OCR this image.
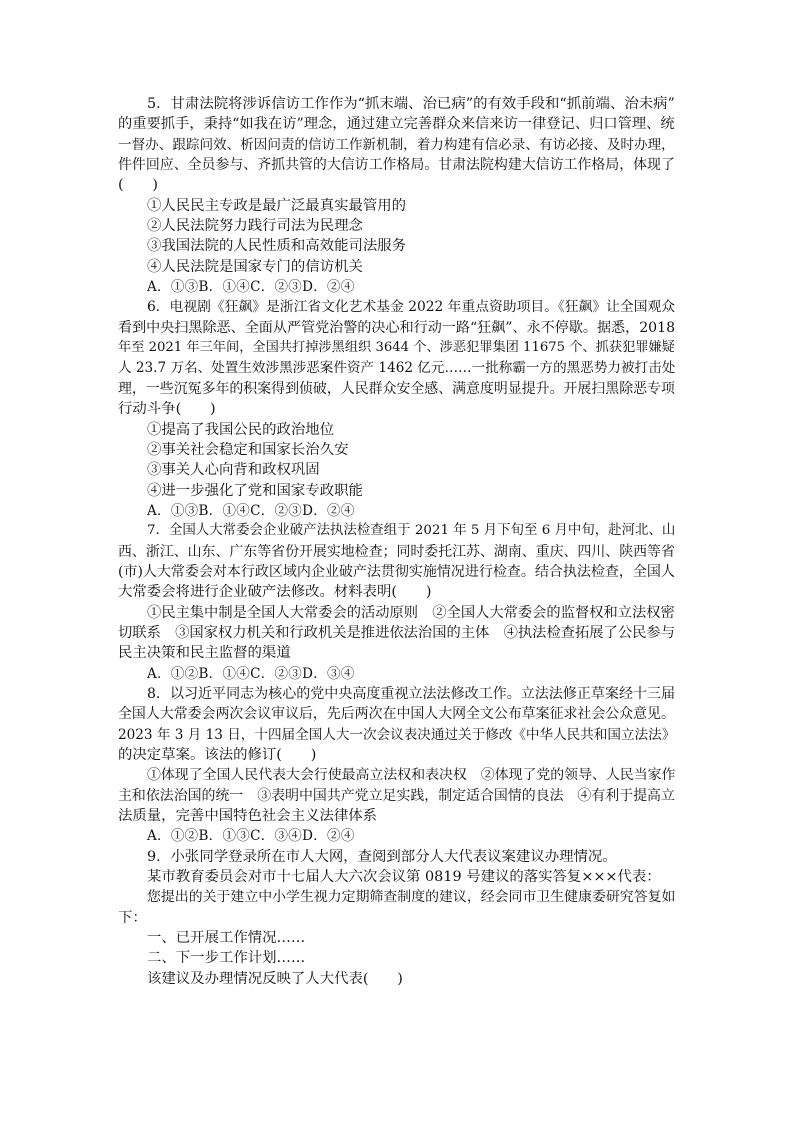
5．甘肃法院将涉诉信访工作作为“抓末端、治已病”的有效手段和“抓前端、治未病”
的重要抓手，秉持“如我在访”理念，通过建立完善群众来信来访一律登记、归口管理、统
一督办、跟踪问效、析因问责的信访工作新机制，着力构建有信必录、有访必接、及时办理，
件件回应、全员参与、齐抓共管的大信访工作格局。甘肃法院构建大信访工作格局，体现了
(　　)
①人民民主专政是最广泛最真实最管用的
②人民法院努力践行司法为民理念
③我国法院的人民性质和高效能司法服务
④人民法院是国家专门的信访机关
A．①③B．①④C．②③D．②④
6．电视剧《狂飙》是浙江省文化艺术基金 2022 年重点资助项目。《狂飙》让全国观众
看到中央扫黑除恶、全面从严管党治警的决心和行动一路“狂飙”、永不停歇。据悉，2018
年至 2021 年三年间，全国共打掉涉黑组织 3644 个、涉恶犯罪集团 11675 个、抓获犯罪嫌疑
人 23.7 万名、处置生效涉黑涉恶案件资产 1462 亿元……一批称霸一方的黑恶势力被打击处
理，一些沉冤多年的积案得到侦破，人民群众安全感、满意度明显提升。开展扫黑除恶专项
行动斗争(　　)
①提高了我国公民的政治地位
②事关社会稳定和国家长治久安
③事关人心向背和政权巩固
④进一步强化了党和国家专政职能
A．①③B．①④C．②③D．②④
7．全国人大常委会企业破产法执法检查组于 2021 年 5 月下旬至 6 月中旬，赴河北、山
西、浙江、山东、广东等省份开展实地检查；同时委托江苏、湖南、重庆、四川、陕西等省
(市)人大常委会对本行政区域内企业破产法贯彻实施情况进行检查。结合执法检查，全国人
大常委会将进行企业破产法修改。材料表明(　　)
①民主集中制是全国人大常委会的活动原则　②全国人大常委会的监督权和立法权密
切联系　③国家权力机关和行政机关是推进依法治国的主体　④执法检查拓展了公民参与
民主决策和民主监督的渠道
A．①②B．①④C．②③D．③④
8．以习近平同志为核心的党中央高度重视立法法修改工作。立法法修正草案经十三届
全国人大常委会两次会议审议后，先后两次在中国人大网全文公布草案征求社会公众意见。
2023 年 3 月 13 日，十四届全国人大一次会议表决通过关于修改《中华人民共和国立法法》
的决定草案。该法的修订(　　)
①体现了全国人民代表大会行使最高立法权和表决权　②体现了党的领导、人民当家作
主和依法治国的统一　③表明中国共产党立足实践，制定适合国情的良法　④有利于提高立
法质量，完善中国特色社会主义法律体系
A．①②B．①③C．③④D．②④
9．小张同学登录所在市人大网，查阅到部分人大代表议案建议办理情况。
某市教育委员会对市十七届人大六次会议第 0819 号建议的落实答复×××代表：
您提出的关于建立中小学生视力定期筛查制度的建议，经会同市卫生健康委研究答复如
下：
一、已开展工作情况……
二、下一步工作计划……
该建议及办理情况反映了人大代表(　　)
